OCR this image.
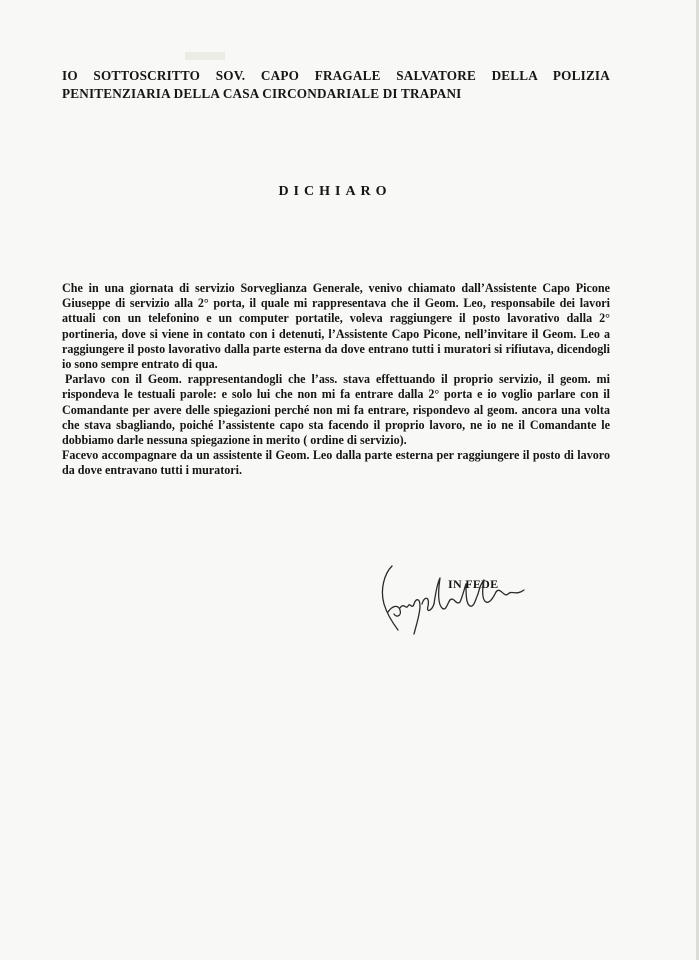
IO SOTTOSCRITTO SOV. CAPO FRAGALE SALVATORE DELLA POLIZIA
PENITENZIARIA DELLA CASA CIRCONDARIALE DI TRAPANI
DICHIARO

Che in una giornata di servizio Sorveglianza Generale, venivo chiamato dall’Assistente Capo Picone Giuseppe di servizio alla 2° porta, il quale mi rappresentava che il Geom. Leo, responsabile dei lavori attuali con un telefonino e un computer portatile, voleva raggiungere il posto lavorativo dalla 2° portineria, dove si viene in contato con i detenuti, l’Assistente Capo Picone, nell’invitare il Geom. Leo a raggiungere il posto lavorativo dalla parte esterna da dove entrano tutti i muratori si rifiutava, dicendogli io sono sempre entrato di qua.

Parlavo con il Geom. rappresentandogli che l’ass. stava effettuando il proprio servizio, il geom. mi rispondeva le testuali parole: e solo lui che non mi fa entrare dalla 2° porta e io voglio parlare con il Comandante per avere delle spiegazioni perché non mi fa entrare, rispondevo al geom. ancora una volta che stava sbagliando, poiché l’assistente capo sta facendo il proprio lavoro, ne io ne il Comandante le dobbiamo darle nessuna spiegazione in merito ( ordine di servizio).

Facevo accompagnare da un assistente il Geom. Leo dalla parte esterna per raggiungere il posto di lavoro da dove entravano tutti i muratori.

IN FEDE
